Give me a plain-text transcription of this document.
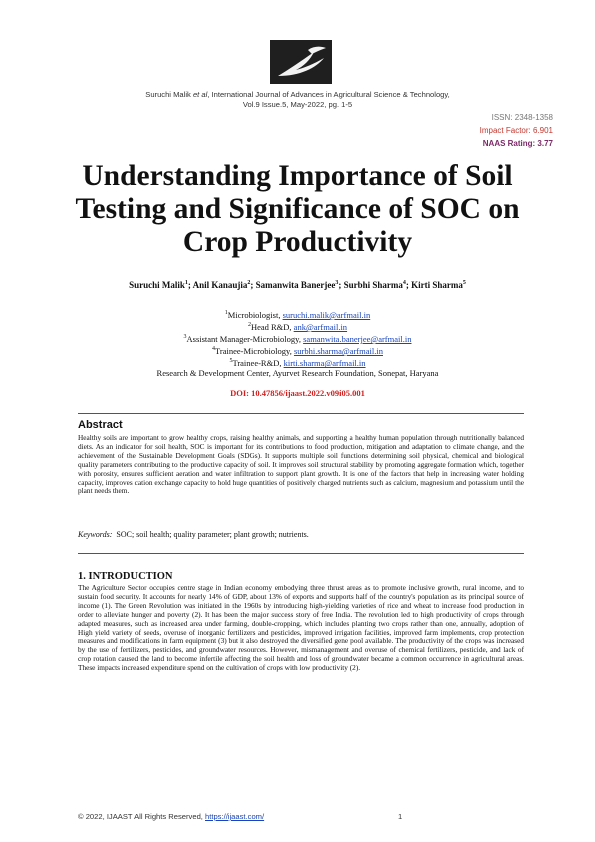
Suruchi Malik et al, International Journal of Advances in Agricultural Science & Technology,
Vol.9 Issue.5, May-2022, pg. 1-5
ISSN: 2348-1358
Impact Factor: 6.901
NAAS Rating: 3.77
Understanding Importance of Soil Testing and Significance of SOC on Crop Productivity
Suruchi Malik$^1$; Anil Kanaujia$^2$; Samanwita Banerjee$^3$; Surbhi Sharma$^4$; Kirti Sharma$^5$
$^1$Microbiologist, suruchi.malik@arfmail.in
$^2$Head R&D, ank@arfmail.in
$^3$Assistant Manager-Microbiology, samanwita.banerjee@arfmail.in
$^4$Trainee-Microbiology, surbhi.sharma@arfmail.in
$^5$Trainee-R&D, kirti.sharma@arfmail.in
Research & Development Center, Ayurvet Research Foundation, Sonepat, Haryana
DOI: 10.47856/ijaast.2022.v09i05.001
Abstract
Healthy soils are important to grow healthy crops, raising healthy animals, and supporting a healthy human population through nutritionally balanced diets. As an indicator for soil health, SOC is important for its contributions to food production, mitigation and adaptation to climate change, and the achievement of the Sustainable Development Goals (SDGs). It supports multiple soil functions determining soil physical, chemical and biological quality parameters contributing to the productive capacity of soil. It improves soil structural stability by promoting aggregate formation which, together with porosity, ensures sufficient aeration and water infiltration to support plant growth. It is one of the factors that help in increasing water holding capacity, improves cation exchange capacity to hold huge quantities of positively charged nutrients such as calcium, magnesium and potassium until the plant needs them.
Keywords: SOC; soil health; quality parameter; plant growth; nutrients.
1. INTRODUCTION
The Agriculture Sector occupies centre stage in Indian economy embodying three thrust areas as to promote inclusive growth, rural income, and to sustain food security. It accounts for nearly 14% of GDP, about 13% of exports and supports half of the country's population as its principal source of income (1). The Green Revolution was initiated in the 1960s by introducing high-yielding varieties of rice and wheat to increase food production in order to alleviate hunger and poverty (2). It has been the major success story of free India. The revolution led to high productivity of crops through adapted measures, such as increased area under farming, double-cropping, which includes planting two crops rather than one, annually, adoption of High yield variety of seeds, overuse of inorganic fertilizers and pesticides, improved irrigation facilities, improved farm implements, crop protection measures and modifications in farm equipment (3) but it also destroyed the diversified gene pool available. The productivity of the crops was increased by the use of fertilizers, pesticides, and groundwater resources. However, mismanagement and overuse of chemical fertilizers, pesticide, and lack of crop rotation caused the land to become infertile affecting the soil health and loss of groundwater became a common occurrence in agricultural areas. These impacts increased expenditure spend on the cultivation of crops with low productivity (2).
© 2022, IJAAST All Rights Reserved, https://ijaast.com/	1
